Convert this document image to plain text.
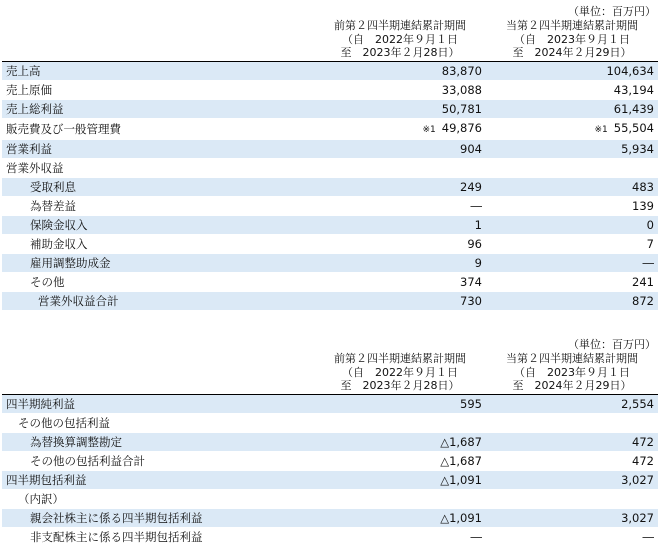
（単位：百万円）

	前第２四半期連結累計期間
（自　2022年９月１日
至　2023年２月28日）	当第２四半期連結累計期間
（自　2023年９月１日
至　2024年２月29日）

売上高	83,870	104,634
売上原価	33,088	43,194
売上総利益	50,781	61,439
販売費及び一般管理費	※1 49,876	※1 55,504
営業利益	904	5,934
営業外収益		
受取利息	249	483
為替差益	―	139
保険金収入	1	0
補助金収入	96	7
雇用調整助成金	9	―
その他	374	241
営業外収益合計	730	872
（単位：百万円）

	前第２四半期連結累計期間
（自　2022年９月１日
至　2023年２月28日）	当第２四半期連結累計期間
（自　2023年９月１日
至　2024年２月29日）

四半期純利益	595	2,554
その他の包括利益		
為替換算調整勘定	△1,687	472
その他の包括利益合計	△1,687	472
四半期包括利益	△1,091	3,027
（内訳）		
親会社株主に係る四半期包括利益	△1,091	3,027
非支配株主に係る四半期包括利益	―	―
